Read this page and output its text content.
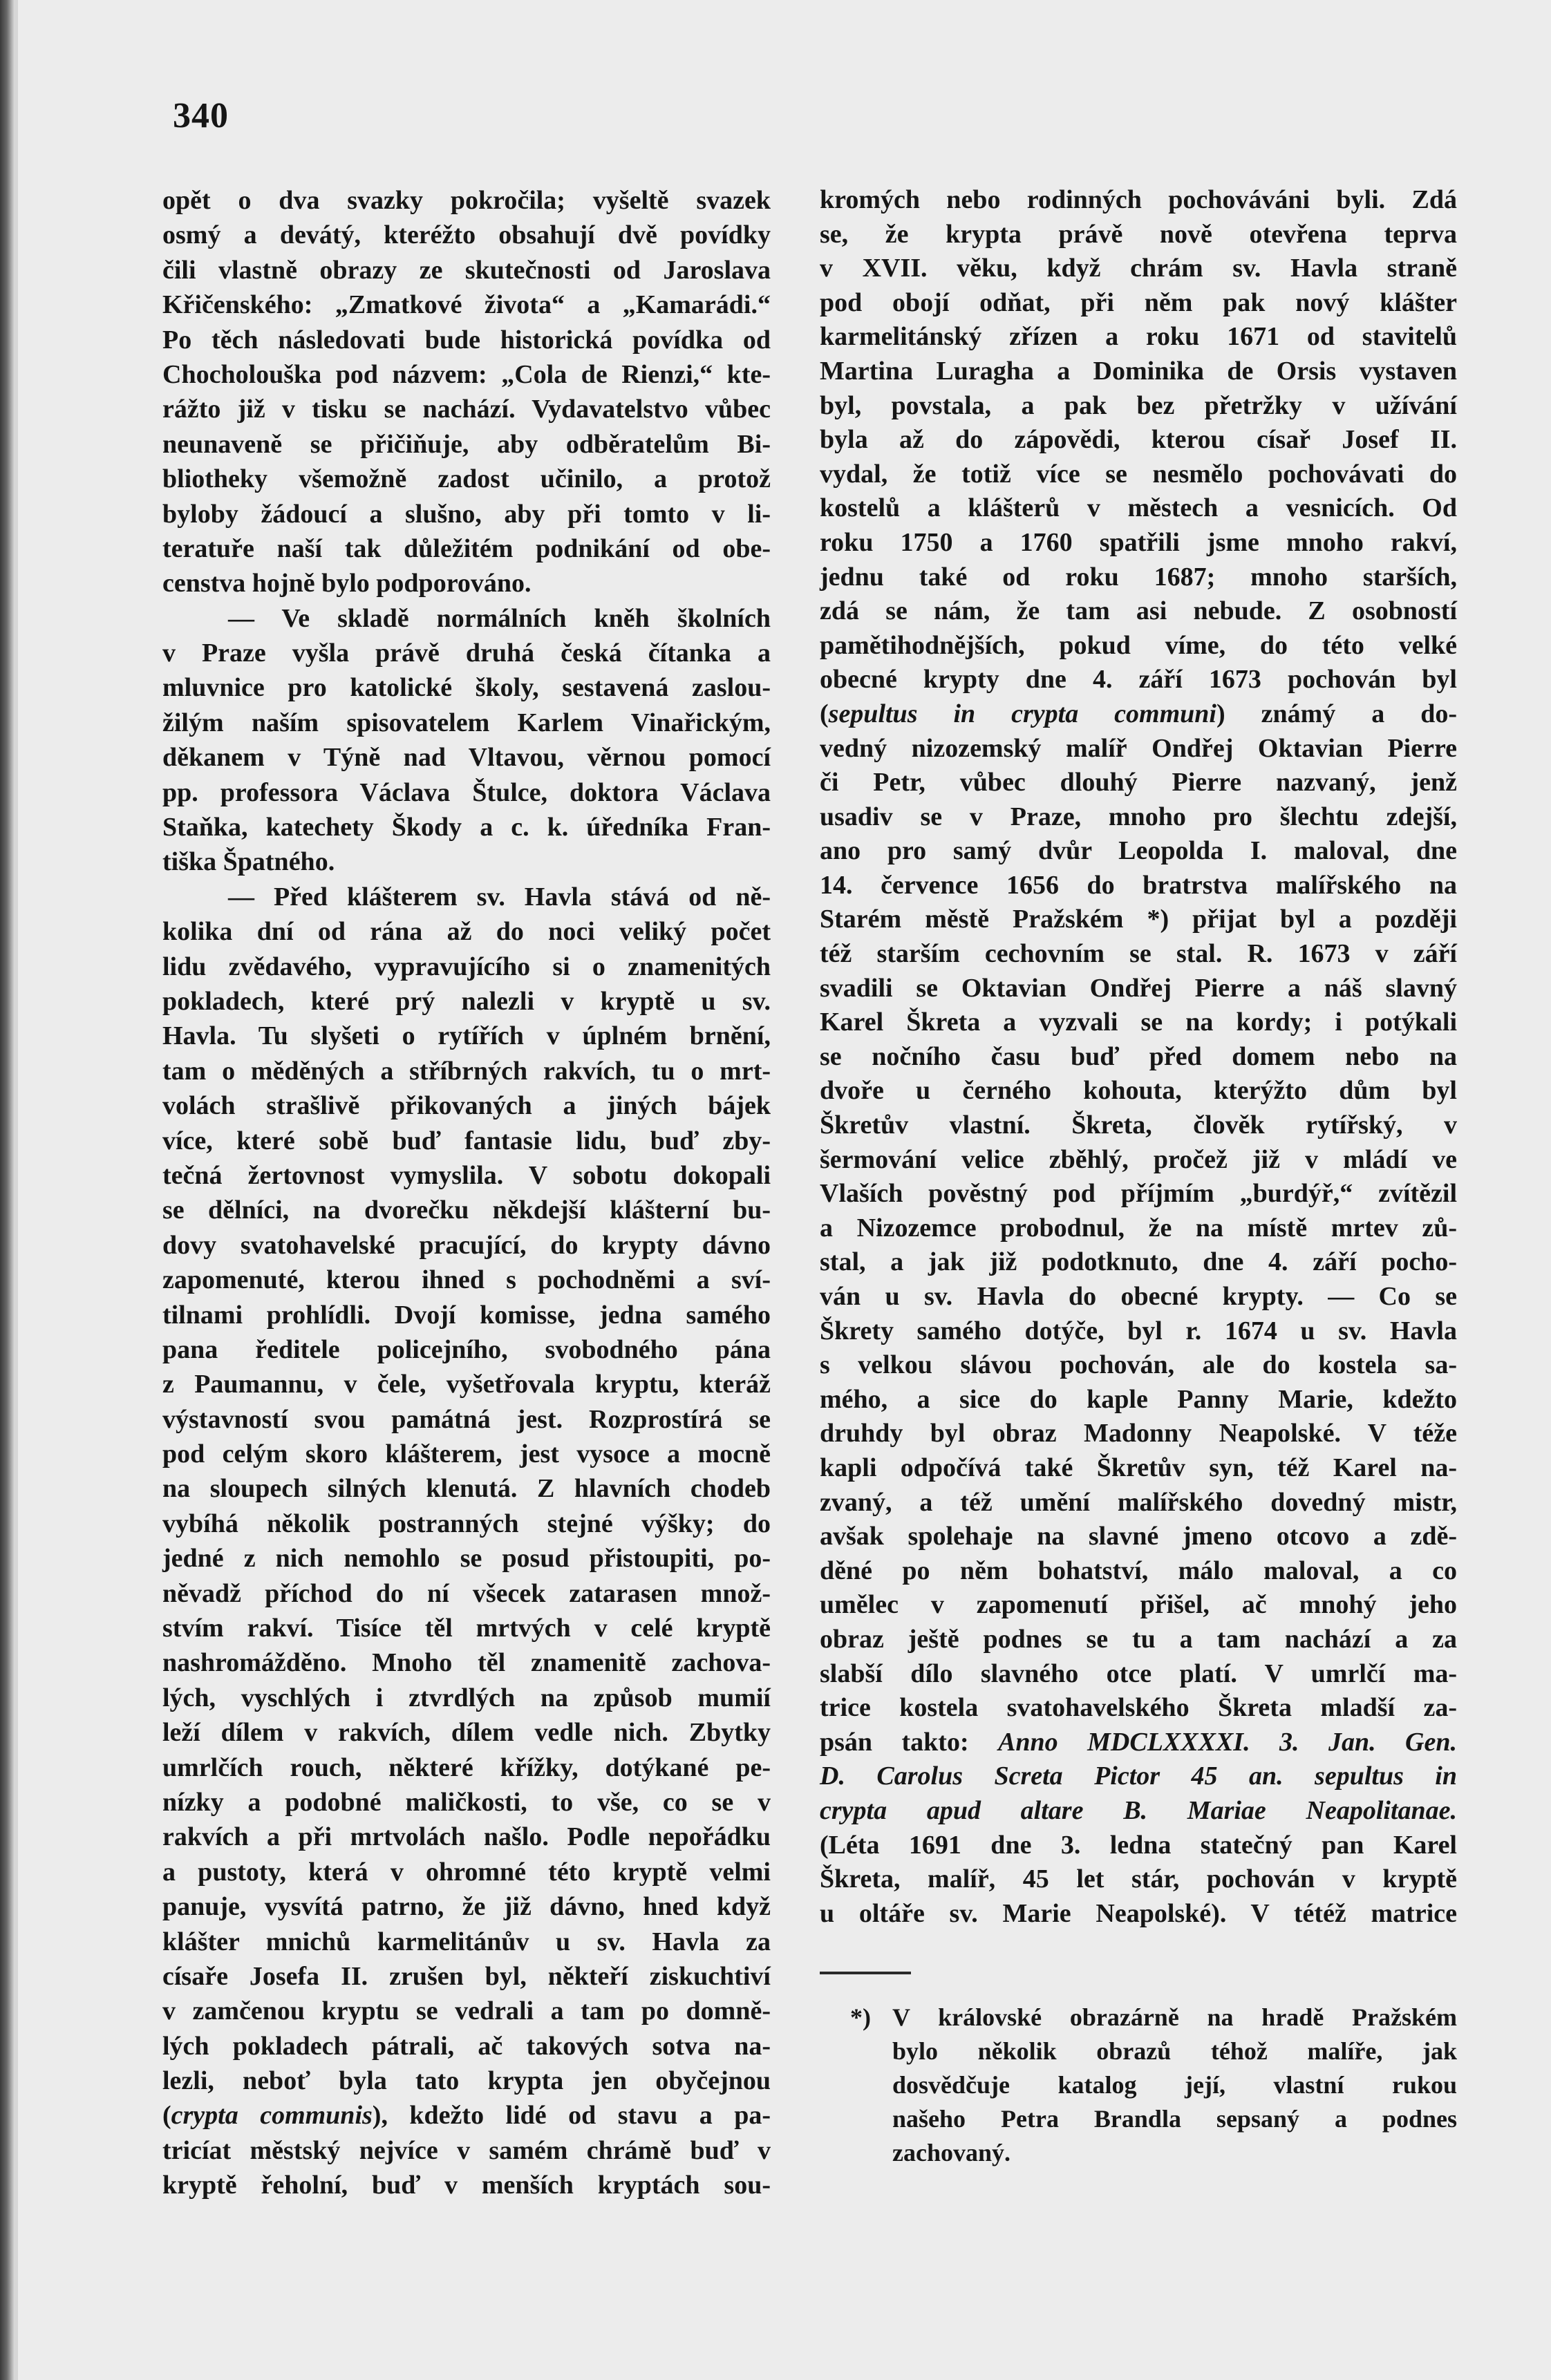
340
opět o dva svazky pokročila; vyšeltě svazek
osmý a devátý, kteréžto obsahují dvě povídky
čili vlastně obrazy ze skutečnosti od Jaroslava
Křičenského: „Zmatkové života“ a „Kamarádi.“
Po těch následovati bude historická povídka od
Chocholouška pod názvem: „Cola de Rienzi,“ kte-
rážto již v tisku se nachází. Vydavatelstvo vůbec
neunaveně se přičiňuje, aby odběratelům Bi-
bliotheky všemožně zadost učinilo, a protož
byloby žádoucí a slušno, aby při tomto v li-
teratuře naší tak důležitém podnikání od obe-
censtva hojně bylo podporováno.
— Ve skladě normálních kněh školních
v Praze vyšla právě druhá česká čítanka a
mluvnice pro katolické školy, sestavená zaslou-
žilým naším spisovatelem Karlem Vinařickým,
děkanem v Týně nad Vltavou, věrnou pomocí
pp. professora Václava Štulce, doktora Václava
Staňka, katechety Škody a c. k. úředníka Fran-
tiška Špatného.
— Před klášterem sv. Havla stává od ně-
kolika dní od rána až do noci veliký počet
lidu zvědavého, vypravujícího si o znamenitých
pokladech, které prý nalezli v kryptě u sv.
Havla. Tu slyšeti o rytířích v úplném brnění,
tam o měděných a stříbrných rakvích, tu o mrt-
volách strašlivě přikovaných a jiných bájek
více, které sobě buď fantasie lidu, buď zby-
tečná žertovnost vymyslila. V sobotu dokopali
se dělníci, na dvorečku někdejší klášterní bu-
dovy svatohavelské pracující, do krypty dávno
zapomenuté, kterou ihned s pochodněmi a sví-
tilnami prohlídli. Dvojí komisse, jedna samého
pana ředitele policejního, svobodného pána
z Paumannu, v čele, vyšetřovala kryptu, kteráž
výstavností svou památná jest. Rozprostírá se
pod celým skoro klášterem, jest vysoce a mocně
na sloupech silných klenutá. Z hlavních chodeb
vybíhá několik postranných stejné výšky; do
jedné z nich nemohlo se posud přistoupiti, po-
něvadž příchod do ní všecek zatarasen množ-
stvím rakví. Tisíce těl mrtvých v celé kryptě
nashromážděno. Mnoho těl znamenitě zachova-
lých, vyschlých i ztvrdlých na způsob mumií
leží dílem v rakvích, dílem vedle nich. Zbytky
umrlčích rouch, některé křížky, dotýkané pe-
nízky a podobné maličkosti, to vše, co se v
rakvích a při mrtvolách našlo. Podle nepořádku
a pustoty, která v ohromné této kryptě velmi
panuje, vysvítá patrno, že již dávno, hned když
klášter mnichů karmelitánův u sv. Havla za
císaře Josefa II. zrušen byl, někteří ziskuchtiví
v zamčenou kryptu se vedrali a tam po domně-
lých pokladech pátrali, ač takových sotva na-
lezli, neboť byla tato krypta jen obyčejnou
(crypta communis), kdežto lidé od stavu a pa-
tricíat městský nejvíce v samém chrámě buď v
kryptě řeholní, buď v menších kryptách sou-
kromých nebo rodinných pochováváni byli. Zdá
se, že krypta právě nově otevřena teprva
v XVII. věku, když chrám sv. Havla straně
pod obojí odňat, při něm pak nový klášter
karmelitánský zřízen a roku 1671 od stavitelů
Martina Luragha a Dominika de Orsis vystaven
byl, povstala, a pak bez přetržky v užívání
byla až do zápovědi, kterou císař Josef II.
vydal, že totiž více se nesmělo pochovávati do
kostelů a klášterů v městech a vesnicích. Od
roku 1750 a 1760 spatřili jsme mnoho rakví,
jednu také od roku 1687; mnoho starších,
zdá se nám, že tam asi nebude. Z osobností
pamětihodnějších, pokud víme, do této velké
obecné krypty dne 4. září 1673 pochován byl
(sepultus in crypta communi) známý a do-
vedný nizozemský malíř Ondřej Oktavian Pierre
či Petr, vůbec dlouhý Pierre nazvaný, jenž
usadiv se v Praze, mnoho pro šlechtu zdejší,
ano pro samý dvůr Leopolda I. maloval, dne
14. července 1656 do bratrstva malířského na
Starém městě Pražském *) přijat byl a později
též starším cechovním se stal. R. 1673 v září
svadili se Oktavian Ondřej Pierre a náš slavný
Karel Škreta a vyzvali se na kordy; i potýkali
se nočního času buď před domem nebo na
dvoře u černého kohouta, kterýžto dům byl
Škretův vlastní. Škreta, člověk rytířský, v
šermování velice zběhlý, pročež již v mládí ve
Vlaších pověstný pod příjmím „burdýř,“ zvítězil
a Nizozemce probodnul, že na místě mrtev zů-
stal, a jak již podotknuto, dne 4. září pocho-
ván u sv. Havla do obecné krypty. — Co se
Škrety samého dotýče, byl r. 1674 u sv. Havla
s velkou slávou pochován, ale do kostela sa-
mého, a sice do kaple Panny Marie, kdežto
druhdy byl obraz Madonny Neapolské. V téže
kapli odpočívá také Škretův syn, též Karel na-
zvaný, a též umění malířského dovedný mistr,
avšak spolehaje na slavné jmeno otcovo a zdě-
děné po něm bohatství, málo maloval, a co
umělec v zapomenutí přišel, ač mnohý jeho
obraz ještě podnes se tu a tam nachází a za
slabší dílo slavného otce platí. V umrlčí ma-
trice kostela svatohavelského Škreta mladší za-
psán takto: Anno MDCLXXXXI. 3. Jan. Gen.
D. Carolus Screta Pictor 45 an. sepultus in
crypta apud altare B. Mariae Neapolitanae.
(Léta 1691 dne 3. ledna statečný pan Karel
Škreta, malíř, 45 let stár, pochován v kryptě
u oltáře sv. Marie Neapolské). V tétéž matrice
*) V královské obrazárně na hradě Pražském
bylo několik obrazů téhož malíře, jak
dosvědčuje katalog její, vlastní rukou
našeho Petra Brandla sepsaný a podnes
zachovaný.
